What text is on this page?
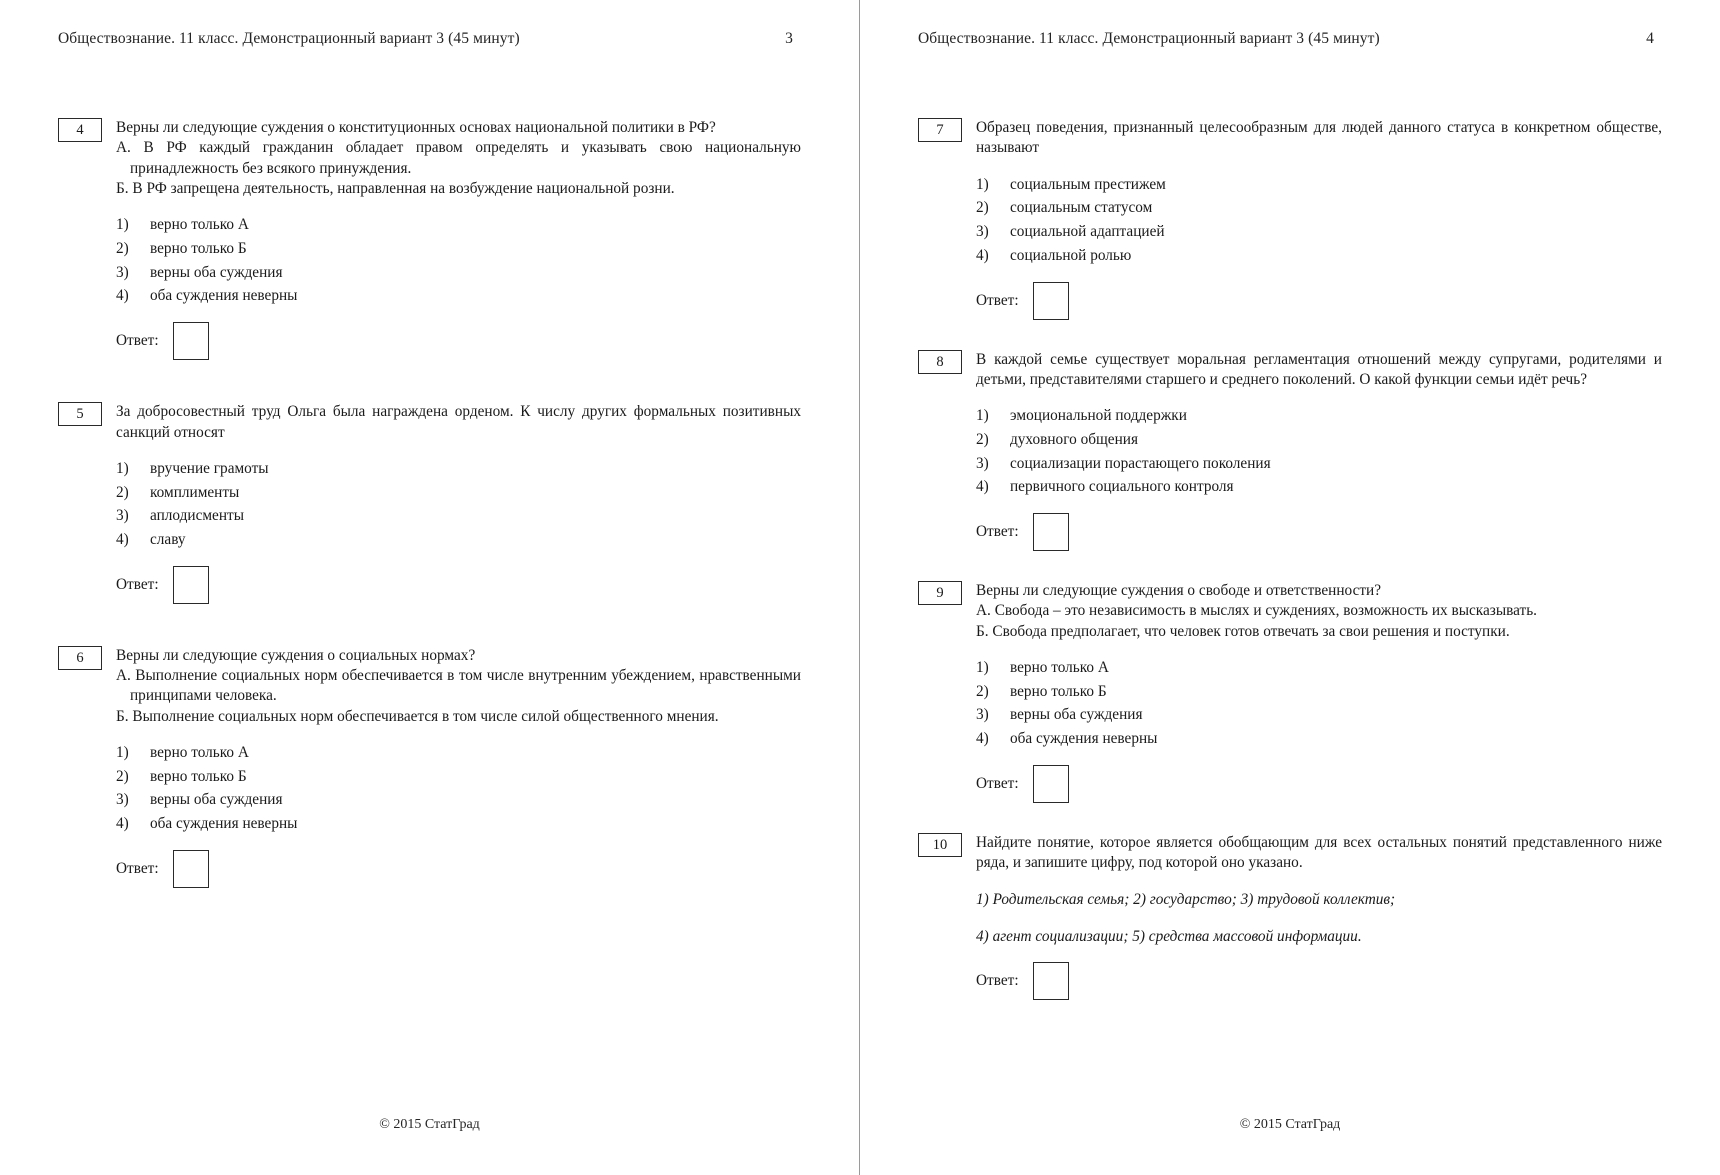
Обществознание. 11 класс. Демонстрационный вариант 3 (45 минут)	3
4	Верны ли следующие суждения о конституционных основах национальной политики в РФ?

А. В РФ каждый гражданин обладает правом определять и указывать свою национальную принадлежность без всякого принуждения.

Б. В РФ запрещена деятельность, направленная на возбуждение национальной розни.

1)	верно только А
2)	верно только Б
3)	верны оба суждения
4)	оба суждения неверны
Ответ:
5	За добросовестный труд Ольга была награждена орденом. К числу других формальных позитивных санкций относят

1)	вручение грамоты
2)	комплименты
3)	аплодисменты
4)	славу
Ответ:
6	Верны ли следующие суждения о социальных нормах?

А. Выполнение социальных норм обеспечивается в том числе внутренним убеждением, нравственными принципами человека.

Б. Выполнение социальных норм обеспечивается в том числе силой общественного мнения.

1)	верно только А
2)	верно только Б
3)	верны оба суждения
4)	оба суждения неверны
Ответ:
© 2015 СтатГрад
Обществознание. 11 класс. Демонстрационный вариант 3 (45 минут)	4
7	Образец поведения, признанный целесообразным для людей данного статуса в конкретном обществе, называют

1)	социальным престижем
2)	социальным статусом
3)	социальной адаптацией
4)	социальной ролью
Ответ:
8	В каждой семье существует моральная регламентация отношений между супругами, родителями и детьми, представителями старшего и среднего поколений. О какой функции семьи идёт речь?

1)	эмоциональной поддержки
2)	духовного общения
3)	социализации порастающего поколения
4)	первичного социального контроля
Ответ:
9	Верны ли следующие суждения о свободе и ответственности?

А. Свобода – это независимость в мыслях и суждениях, возможность их высказывать.

Б. Свобода предполагает, что человек готов отвечать за свои решения и поступки.

1)	верно только А
2)	верно только Б
3)	верны оба суждения
4)	оба суждения неверны
Ответ:
10	Найдите понятие, которое является обобщающим для всех остальных понятий представленного ниже ряда, и запишите цифру, под которой оно указано.

1) Родительская семья; 2) государство; 3) трудовой коллектив;

4) агент социализации; 5) средства массовой информации.

Ответ:
© 2015 СтатГрад
